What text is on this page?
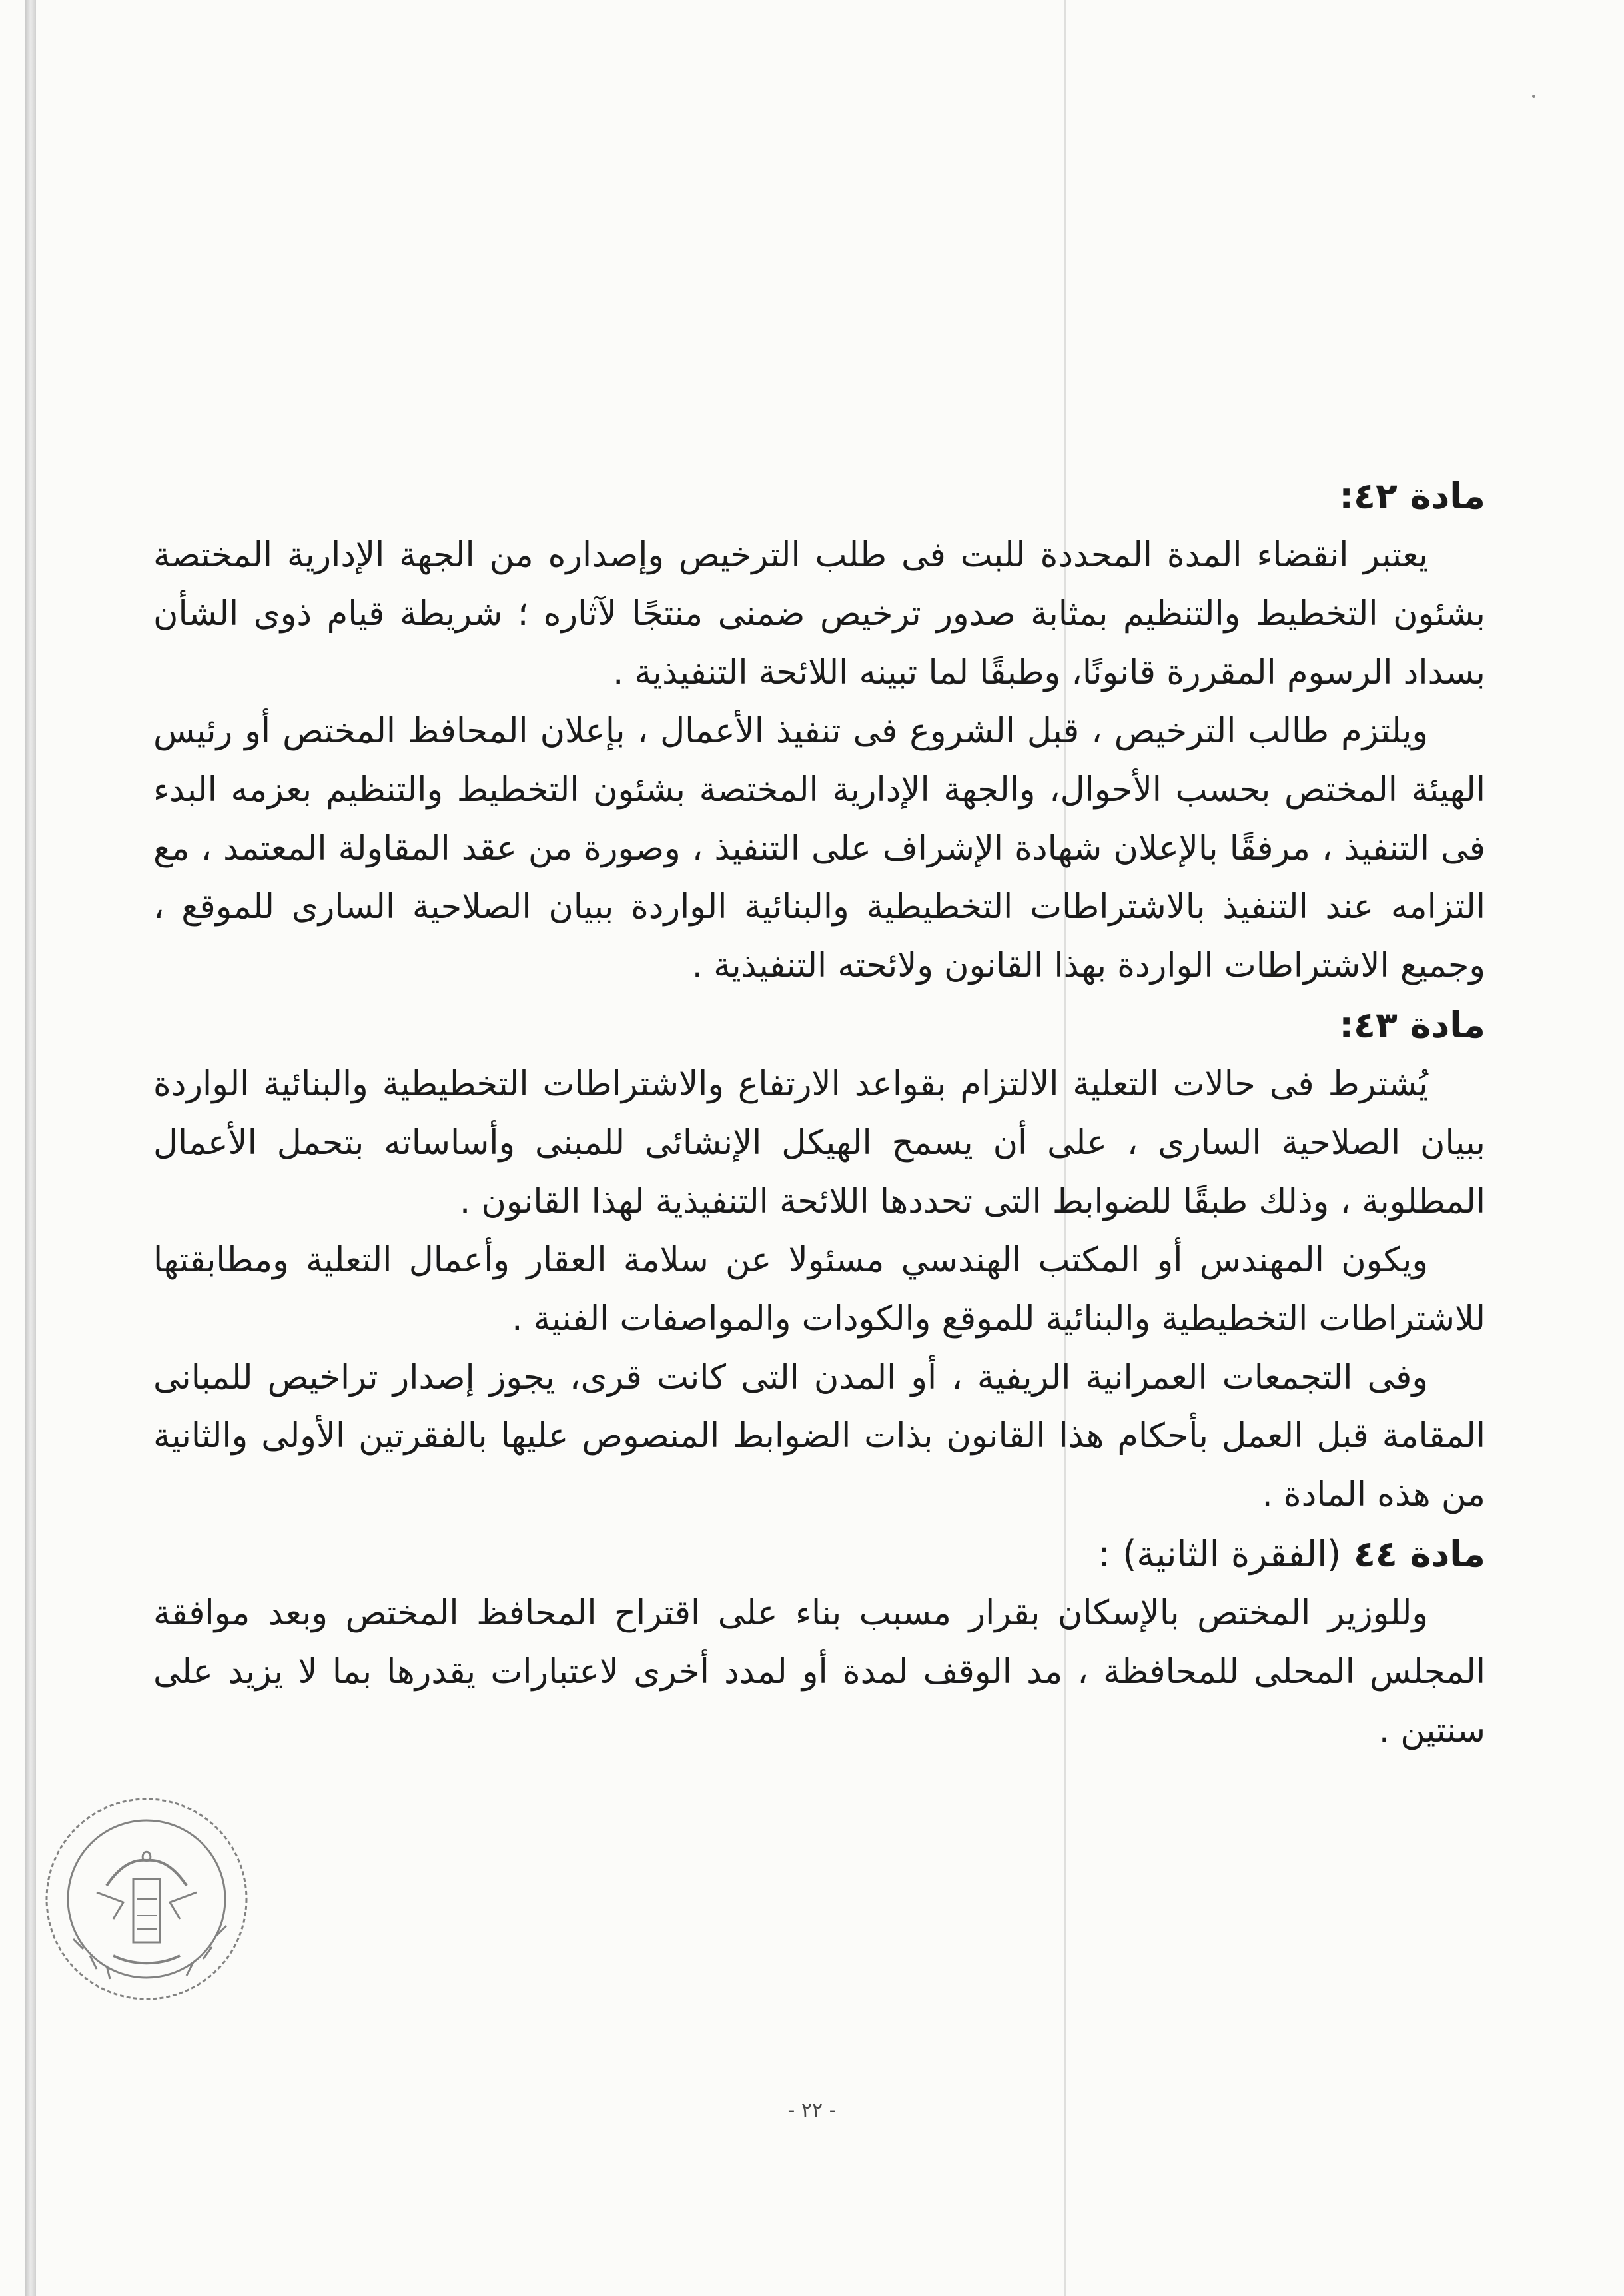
مادة ٤٢:

يعتبر انقضاء المدة المحددة للبت فى طلب الترخيص وإصداره من الجهة الإدارية المختصة بشئون التخطيط والتنظيم بمثابة صدور ترخيص ضمنى منتجًا لآثاره ؛ شريطة قيام ذوى الشأن بسداد الرسوم المقررة قانونًا، وطبقًا لما تبينه اللائحة التنفيذية .

ويلتزم طالب الترخيص ، قبل الشروع فى تنفيذ الأعمال ، بإعلان المحافظ المختص أو رئيس الهيئة المختص بحسب الأحوال، والجهة الإدارية المختصة بشئون التخطيط والتنظيم بعزمه البدء فى التنفيذ ، مرفقًا بالإعلان شهادة الإشراف على التنفيذ ، وصورة من عقد المقاولة المعتمد ، مع التزامه عند التنفيذ بالاشتراطات التخطيطية والبنائية الواردة ببيان الصلاحية السارى للموقع ، وجميع الاشتراطات الواردة بهذا القانون ولائحته التنفيذية .

مادة ٤٣:

يُشترط فى حالات التعلية الالتزام بقواعد الارتفاع والاشتراطات التخطيطية والبنائية الواردة ببيان الصلاحية السارى ، على أن يسمح الهيكل الإنشائى للمبنى وأساساته بتحمل الأعمال المطلوبة ، وذلك طبقًا للضوابط التى تحددها اللائحة التنفيذية لهذا القانون .

ويكون المهندس أو المكتب الهندسي مسئولا عن سلامة العقار وأعمال التعلية ومطابقتها للاشتراطات التخطيطية والبنائية للموقع والكودات والمواصفات الفنية .

وفى التجمعات العمرانية الريفية ، أو المدن التى كانت قرى، يجوز إصدار تراخيص للمبانى المقامة قبل العمل بأحكام هذا القانون بذات الضوابط المنصوص عليها بالفقرتين الأولى والثانية من هذه المادة .

مادة ٤٤ (الفقرة الثانية) :

وللوزير المختص بالإسكان بقرار مسبب بناء على اقتراح المحافظ المختص وبعد موافقة المجلس المحلى للمحافظة ، مد الوقف لمدة أو لمدد أخرى لاعتبارات يقدرها بما لا يزيد على سنتين .

- ٢٢ -
